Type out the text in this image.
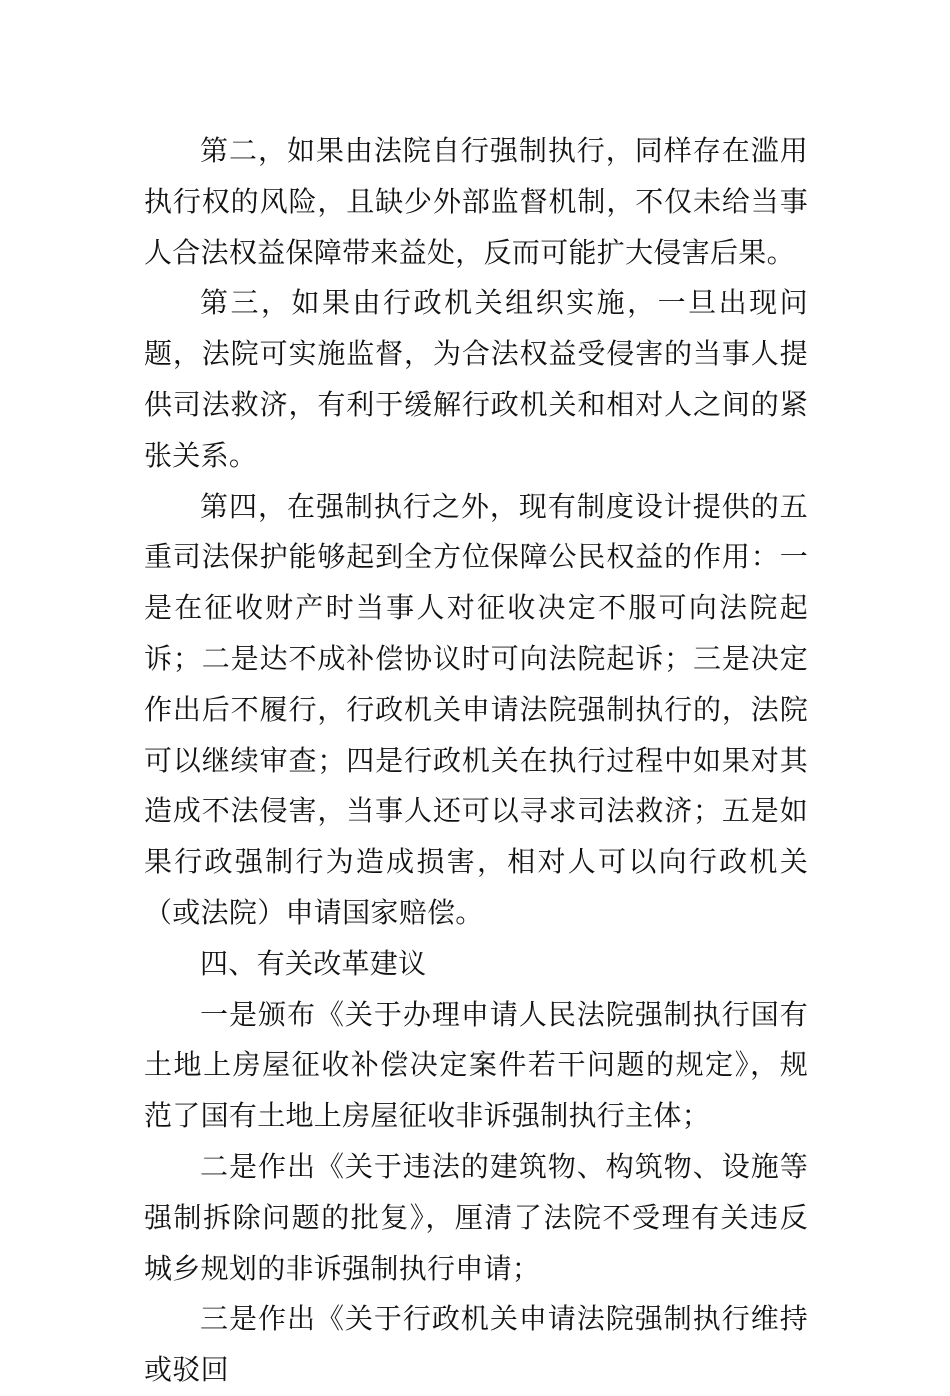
第二，如果由法院自行强制执行，同样存在滥用执行权的风险，且缺少外部监督机制，不仅未给当事人合法权益保障带来益处，反而可能扩大侵害后果。

第三，如果由行政机关组织实施，一旦出现问题，法院可实施监督，为合法权益受侵害的当事人提供司法救济，有利于缓解行政机关和相对人之间的紧张关系。

第四，在强制执行之外，现有制度设计提供的五重司法保护能够起到全方位保障公民权益的作用：一是在征收财产时当事人对征收决定不服可向法院起诉；二是达不成补偿协议时可向法院起诉；三是决定作出后不履行，行政机关申请法院强制执行的，法院可以继续审查；四是行政机关在执行过程中如果对其造成不法侵害，当事人还可以寻求司法救济；五是如果行政强制行为造成损害，相对人可以向行政机关（或法院）申请国家赔偿。

四、有关改革建议

一是颁布《关于办理申请人民法院强制执行国有土地上房屋征收补偿决定案件若干问题的规定》，规范了国有土地上房屋征收非诉强制执行主体；

二是作出《关于违法的建筑物、构筑物、设施等强制拆除问题的批复》，厘清了法院不受理有关违反城乡规划的非诉强制执行申请；

三是作出《关于行政机关申请法院强制执行维持或驳回
